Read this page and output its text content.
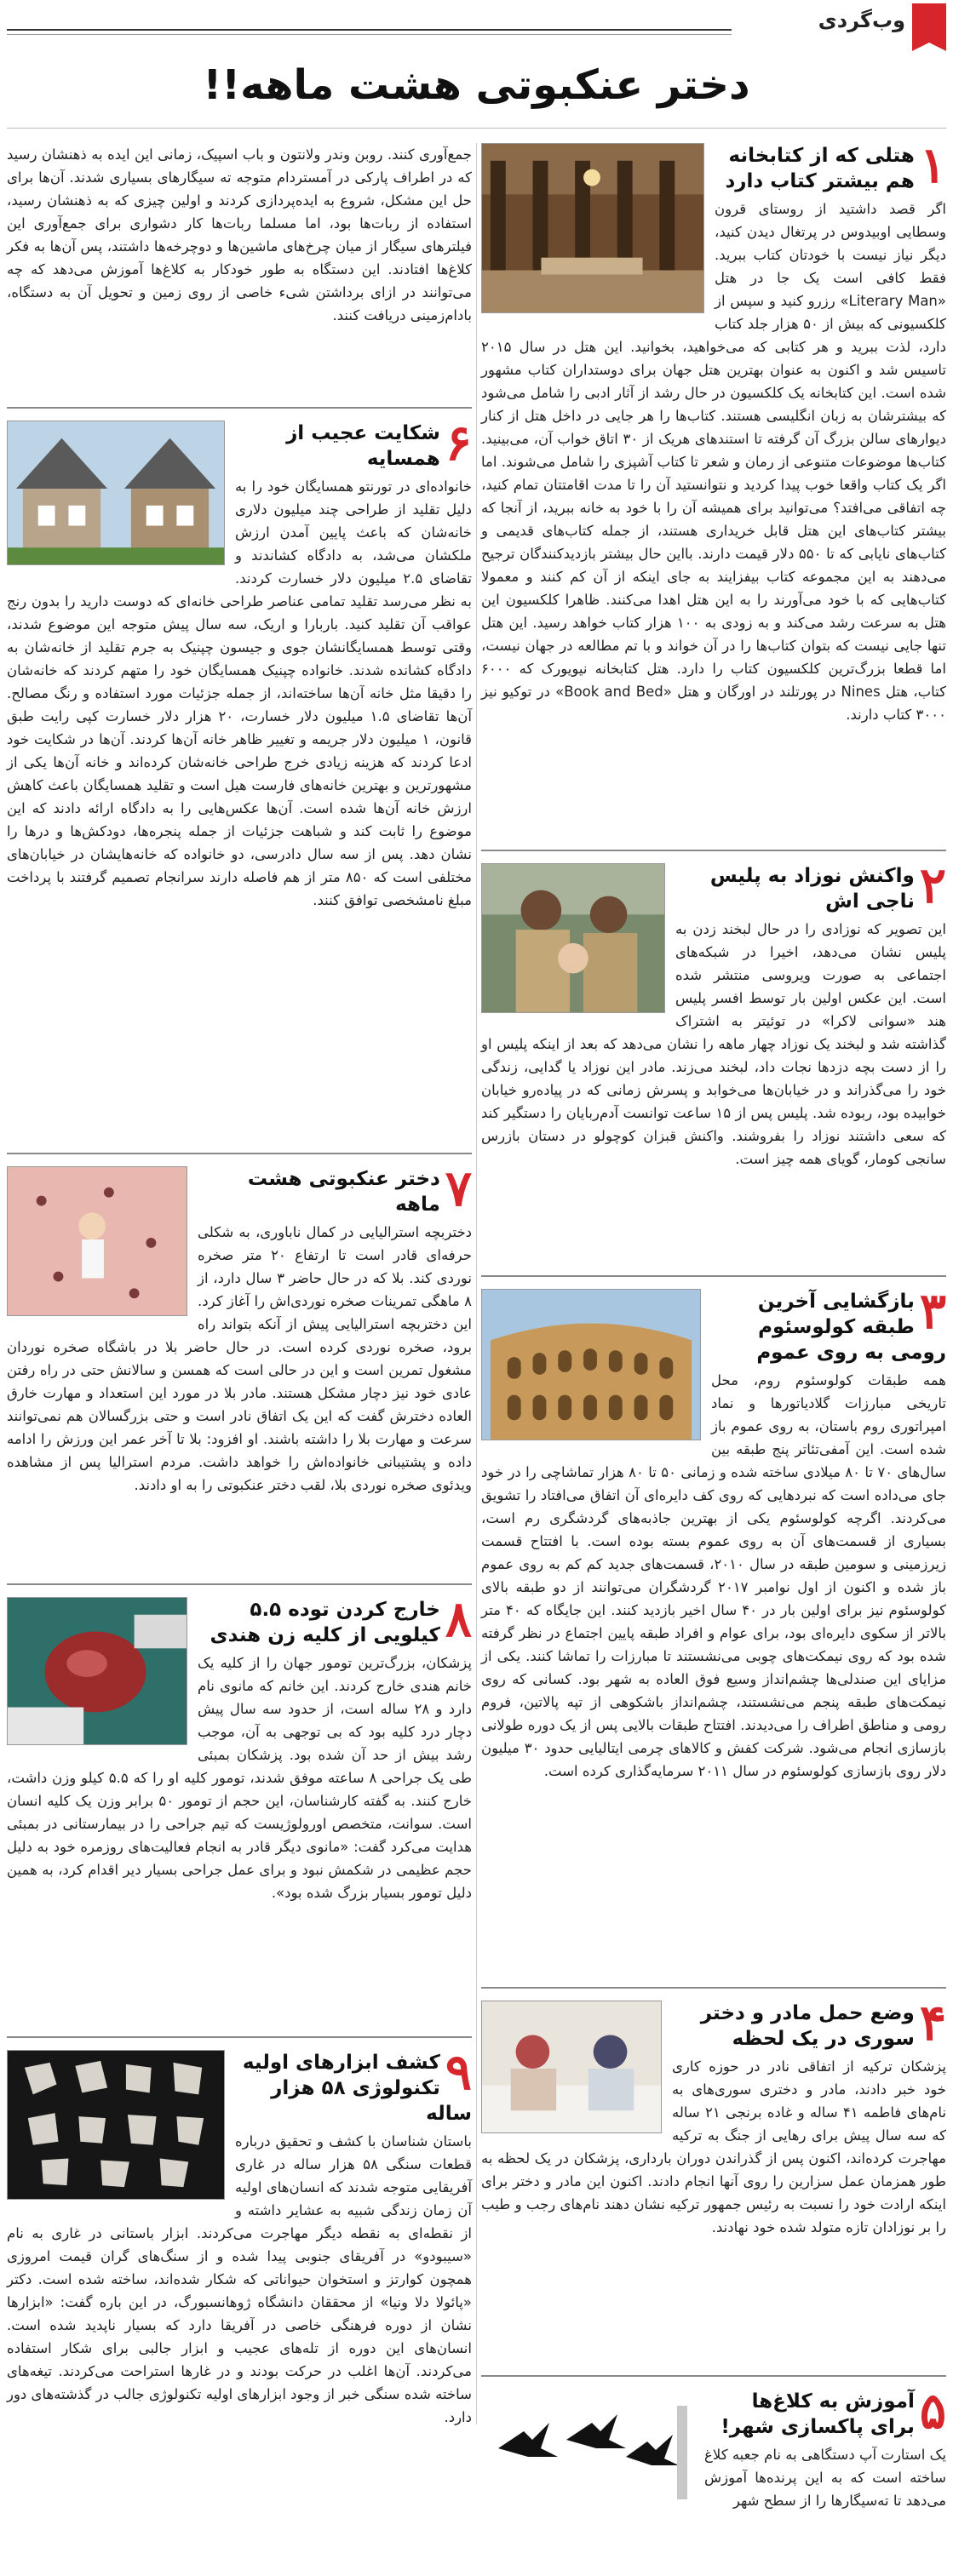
وب‌گردی
دختر عنکبوتی هشت ماهه!!
۱
هتلی که از کتابخانه هم بیشتر کتاب دارد
اگر قصد داشتید از روستای قرون وسطایی اوبیدوس در پرتغال دیدن کنید، دیگر نیاز نیست با خودتان کتاب ببرید. فقط کافی است یک جا در هتل «Literary Man» رزرو کنید و سپس از کلکسیونی که بیش از ۵۰ هزار جلد کتاب دارد، لذت ببرید و هر کتابی که می‌خواهید، بخوانید. این هتل در سال ۲۰۱۵ تاسیس شد و اکنون به عنوان بهترین هتل جهان برای دوستداران کتاب مشهور شده است. این کتابخانه یک کلکسیون در حال رشد از آثار ادبی را شامل می‌شود که بیشترشان به زبان انگلیسی هستند. کتاب‌ها را هر جایی در داخل هتل از کنار دیوارهای سالن بزرگ آن گرفته تا استندهای هریک از ۳۰ اتاق خواب آن، می‌بینید. کتاب‌ها موضوعات متنوعی از رمان و شعر تا کتاب آشپزی را شامل می‌شوند. اما اگر یک کتاب واقعا خوب پیدا کردید و نتوانستید آن را تا مدت اقامتتان تمام کنید، چه اتفاقی می‌افتد؟ می‌توانید برای همیشه آن را با خود به خانه ببرید، از آنجا که بیشتر کتاب‌های این هتل قابل خریداری هستند، از جمله کتاب‌های قدیمی و کتاب‌های نایابی که تا ۵۵۰ دلار قیمت دارند. بااین حال بیشتر بازدیدکنندگان ترجیح می‌دهند به این مجموعه کتاب بیفزایند به جای اینکه از آن کم کنند و معمولا کتاب‌هایی که با خود می‌آورند را به این هتل اهدا می‌کنند. ظاهرا کلکسیون این هتل به سرعت رشد می‌کند و به زودی به ۱۰۰ هزار کتاب خواهد رسید. این هتل تنها جایی نیست که بتوان کتاب‌ها را در آن خواند و با تم مطالعه در جهان نیست، اما قطعا بزرگ‌ترین کلکسیون کتاب را دارد. هتل کتابخانه نیویورک که ۶۰۰۰ کتاب، هتل Nines در پورتلند در اورگان و هتل «Book and Bed» در توکیو نیز ۳۰۰۰ کتاب دارند.
۲
واکنش نوزاد به پلیس ناجی اش
این تصویر که نوزادی را در حال لبخند زدن به پلیس نشان می‌دهد، اخیرا در شبکه‌های اجتماعی به صورت ویروسی منتشر شده است. این عکس اولین بار توسط افسر پلیس هند «سوانی لاکرا» در توئیتر به اشتراک گذاشته شد و لبخند یک نوزاد چهار ماهه را نشان می‌دهد که بعد از اینکه پلیس او را از دست بچه دزدها نجات داد، لبخند می‌زند. مادر این نوزاد یا گدایی، زندگی خود را می‌گذراند و در خیابان‌ها می‌خوابد و پسرش زمانی که در پیاده‌رو خیابان خوابیده بود، ربوده شد. پلیس پس از ۱۵ ساعت توانست آدم‌ربایان را دستگیر کند که سعی داشتند نوزاد را بفروشند. واکنش قبزان کوچولو در دستان بازرس سانجی کومار، گویای همه چیز است.
۳
بازگشایی آخرین طبقه کولوسئوم رومی به روی عموم
همه طبقات کولوسئوم روم، محل تاریخی مبارزات گلادیاتورها و نماد امپراتوری روم باستان، به روی عموم باز شده است. این آمفی‌تئاتر پنج طبقه بین سال‌های ۷۰ تا ۸۰ میلادی ساخته شده و زمانی ۵۰ تا ۸۰ هزار تماشاچی را در خود جای می‌داده است که نبردهایی که روی کف دایره‌ای آن اتفاق می‌افتاد را تشویق می‌کردند. اگرچه کولوسئوم یکی از بهترین جاذبه‌های گردشگری رم است، بسیاری از قسمت‌های آن به روی عموم بسته بوده است. با افتتاح قسمت زیرزمینی و سومین طبقه در سال ۲۰۱۰، قسمت‌های جدید کم کم به روی عموم باز شده و اکنون از اول نوامبر ۲۰۱۷ گردشگران می‌توانند از دو طبقه بالای کولوسئوم نیز برای اولین بار در ۴۰ سال اخیر بازدید کنند. این جایگاه که ۴۰ متر بالاتر از سکوی دایره‌ای بود، برای عوام و افراد طبقه پایین اجتماع در نظر گرفته شده بود که روی نیمکت‌های چوبی می‌نشستند تا مبارزات را تماشا کنند. یکی از مزایای این صندلی‌ها چشم‌انداز وسیع فوق العاده به شهر بود. کسانی که روی نیمکت‌های طبقه پنجم می‌نشستند، چشم‌انداز باشکوهی از تپه پالاتین، فروم رومی و مناطق اطراف را می‌دیدند. افتتاح طبقات بالایی پس از یک دوره طولانی بازسازی انجام می‌شود. شرکت کفش و کالاهای چرمی ایتالیایی حدود ۳۰ میلیون دلار روی بازسازی کولوسئوم در سال ۲۰۱۱ سرمایه‌گذاری کرده است.
۴
وضع حمل مادر و دختر سوری در یک لحظه
پزشکان ترکیه از اتفاقی نادر در حوزه کاری خود خبر دادند، مادر و دختری سوری‌های به نام‌های فاطمه ۴۱ ساله و غاده برنجی ۲۱ ساله که سه سال پیش برای رهایی از جنگ به ترکیه مهاجرت کرده‌اند، اکنون پس از گذراندن دوران بارداری، پزشکان در یک لحظه به طور همزمان عمل سزارین را روی آنها انجام دادند. اکنون این مادر و دختر برای اینکه ارادت خود را نسبت به رئیس جمهور ترکیه نشان دهند نام‌های رجب و طیب را بر نوزادان تازه متولد شده خود نهادند.
۵
آموزش به کلاغ‌ها برای پاکسازی شهر!
یک استارت آپ دستگاهی به نام جعبه کلاغ ساخته است که به این پرنده‌ها آموزش می‌دهد تا ته‌سیگارها را از سطح شهر
جمع‌آوری کنند. روبن وندر ولانتون و باب اسپیک، زمانی این ایده به ذهنشان رسید که در اطراف پارکی در آمستردام متوجه ته سیگارهای بسیاری شدند. آن‌ها برای حل این مشکل، شروع به ایده‌پردازی کردند و اولین چیزی که به ذهنشان رسید، استفاده از ربات‌ها بود، اما مسلما ربات‌ها کار دشواری برای جمع‌آوری این فیلترهای سیگار از میان چرخ‌های ماشین‌ها و دوچرخه‌ها داشتند، پس آن‌ها به فکر کلاغ‌ها افتادند. این دستگاه به طور خودکار به کلاغ‌ها آموزش می‌دهد که چه می‌توانند در ازای برداشتن شیء خاصی از روی زمین و تحویل آن به دستگاه، بادام‌زمینی دریافت کنند.
۶
شکایت عجیب از همسایه
خانواده‌ای در تورنتو همسایگان خود را به دلیل تقلید از طراحی چند میلیون دلاری خانه‌شان که باعث پایین آمدن ارزش ملکشان می‌شد، به دادگاه کشاندند و تقاضای ۲.۵ میلیون دلار خسارت کردند. به نظر می‌رسد تقلید تمامی عناصر طراحی خانه‌ای که دوست دارید را بدون رنج عواقب آن تقلید کنید. باربارا و اریک، سه سال پیش متوجه این موضوع شدند، وقتی توسط همسایگانشان جوی و جیسون چپنیک به جرم تقلید از خانه‌شان به دادگاه کشانده شدند. خانواده چپنیک همسایگان خود را متهم کردند که خانه‌شان را دقیقا مثل خانه آن‌ها ساخته‌اند، از جمله جزئیات مورد استفاده و رنگ مصالح. آن‌ها تقاضای ۱.۵ میلیون دلار خسارت، ۲۰ هزار دلار خسارت کپی رایت طبق قانون، ۱ میلیون دلار جریمه و تغییر ظاهر خانه آن‌ها کردند. آن‌ها در شکایت خود ادعا کردند که هزینه زیادی خرج طراحی خانه‌شان کرده‌اند و خانه آن‌ها یکی از مشهورترین و بهترین خانه‌های فارست هیل است و تقلید همسایگان باعث کاهش ارزش خانه آن‌ها شده است. آن‌ها عکس‌هایی را به دادگاه ارائه دادند که این موضوع را ثابت کند و شباهت جزئیات از جمله پنجره‌ها، دودکش‌ها و درها را نشان دهد. پس از سه سال دادرسی، دو خانواده که خانه‌هایشان در خیابان‌های مختلفی است که ۸۵۰ متر از هم فاصله دارند سرانجام تصمیم گرفتند با پرداخت مبلغ نامشخصی توافق کنند.
۷
دختر عنکبوتی هشت ماهه
دختربچه استرالیایی در کمال ناباوری، به شکلی حرفه‌ای قادر است تا ارتفاع ۲۰ متر صخره نوردی کند. بلا که در حال حاضر ۳ سال دارد، از ۸ ماهگی تمرینات صخره نوردی‌اش را آغاز کرد. این دختربچه استرالیایی پیش از آنکه بتواند راه برود، صخره نوردی کرده است. در حال حاضر بلا در باشگاه صخره نوردان مشغول تمرین است و این در حالی است که همسن و سالانش حتی در راه رفتن عادی خود نیز دچار مشکل هستند. مادر بلا در مورد این استعداد و مهارت خارق العاده دخترش گفت که این یک اتفاق نادر است و حتی بزرگسالان هم نمی‌توانند سرعت و مهارت بلا را داشته باشند. او افزود: بلا تا آخر عمر این ورزش را ادامه داده و پشتیبانی خانواده‌اش را خواهد داشت. مردم استرالیا پس از مشاهده ویدئوی صخره نوردی بلا، لقب دختر عنکبوتی را به او دادند.
۸
خارج کردن توده ۵.۵ کیلویی از کلیه زن هندی
پزشکان، بزرگ‌ترین تومور جهان را از کلیه یک خانم هندی خارج کردند. این خانم که مانوی نام دارد و ۲۸ ساله است، از حدود سه سال پیش دچار درد کلیه بود که بی توجهی به آن، موجب رشد بیش از حد آن شده بود. پزشکان بمبئی طی یک جراحی ۸ ساعته موفق شدند، تومور کلیه او را که ۵.۵ کیلو وزن داشت، خارج کنند. به گفته کارشناسان، این حجم از تومور ۵۰ برابر وزن یک کلیه انسان است. سوانت، متخصص اورولوژیست که تیم جراحی را در بیمارستانی در بمبئی هدایت می‌کرد گفت: «مانوی دیگر قادر به انجام فعالیت‌های روزمره خود به دلیل حجم عظیمی در شکمش نبود و برای عمل جراحی بسیار دیر اقدام کرد، به همین دلیل تومور بسیار بزرگ شده بود».
۹
کشف ابزارهای اولیه تکنولوژی ۵۸ هزار ساله
باستان شناسان با کشف و تحقیق درباره قطعات سنگی ۵۸ هزار ساله در غاری آفریقایی متوجه شدند که انسان‌های اولیه آن زمان زندگی شبیه به عشایر داشته و از نقطه‌ای به نقطه دیگر مهاجرت می‌کردند. ابزار باستانی در غاری به نام «سیبودو» در آفریقای جنوبی پیدا شده و از سنگ‌های گران قیمت امروزی همچون کوارتز و استخوان حیواناتی که شکار شده‌اند، ساخته شده است. دکتر «پائولا دلا ونیا» از محققان دانشگاه ژوهانسبورگ، در این باره گفت: «ابزارها نشان از دوره فرهنگی خاصی در آفریقا دارد که بسیار ناپدید شده است. انسان‌های این دوره از تله‌های عجیب و ابزار جالبی برای شکار استفاده می‌کردند. آن‌ها اغلب در حرکت بودند و در غارها استراحت می‌کردند. تیغه‌های ساخته شده سنگی خبر از وجود ابزارهای اولیه تکنولوژی جالب در گذشته‌های دور دارد.
